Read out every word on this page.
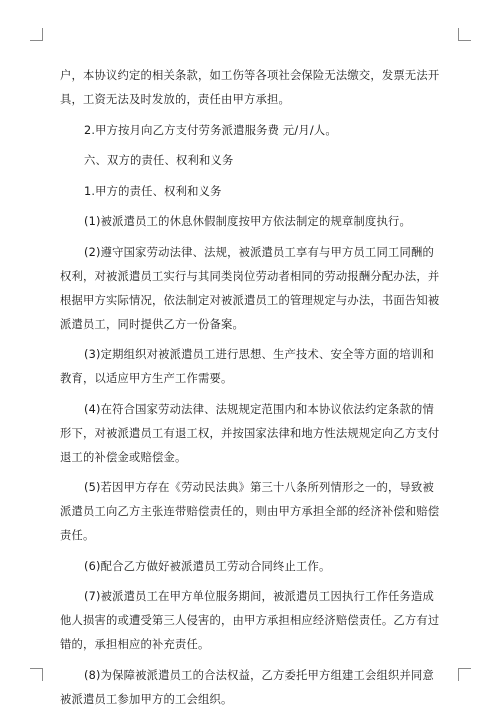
户，本协议约定的相关条款，如工伤等各项社会保险无法缴交，发票无法开具，工资无法及时发放的，责任由甲方承担。

2.甲方按月向乙方支付劳务派遣服务费 元/月/人。

六、双方的责任、权利和义务

1.甲方的责任、权利和义务

(1)被派遣员工的休息休假制度按甲方依法制定的规章制度执行。

(2)遵守国家劳动法律、法规，被派遣员工享有与甲方员工同工同酬的权利，对被派遣员工实行与其同类岗位劳动者相同的劳动报酬分配办法，并根据甲方实际情况，依法制定对被派遣员工的管理规定与办法，书面告知被派遣员工，同时提供乙方一份备案。

(3)定期组织对被派遣员工进行思想、生产技术、安全等方面的培训和教育，以适应甲方生产工作需要。

(4)在符合国家劳动法律、法规规定范围内和本协议依法约定条款的情形下，对被派遣员工有退工权，并按国家法律和地方性法规规定向乙方支付退工的补偿金或赔偿金。

(5)若因甲方存在《劳动民法典》第三十八条所列情形之一的，导致被派遣员工向乙方主张连带赔偿责任的，则由甲方承担全部的经济补偿和赔偿责任。

(6)配合乙方做好被派遣员工劳动合同终止工作。

(7)被派遣员工在甲方单位服务期间，被派遣员工因执行工作任务造成他人损害的或遭受第三人侵害的，由甲方承担相应经济赔偿责任。乙方有过错的，承担相应的补充责任。

(8)为保障被派遣员工的合法权益，乙方委托甲方组建工会组织并同意被派遣员工参加甲方的工会组织。
